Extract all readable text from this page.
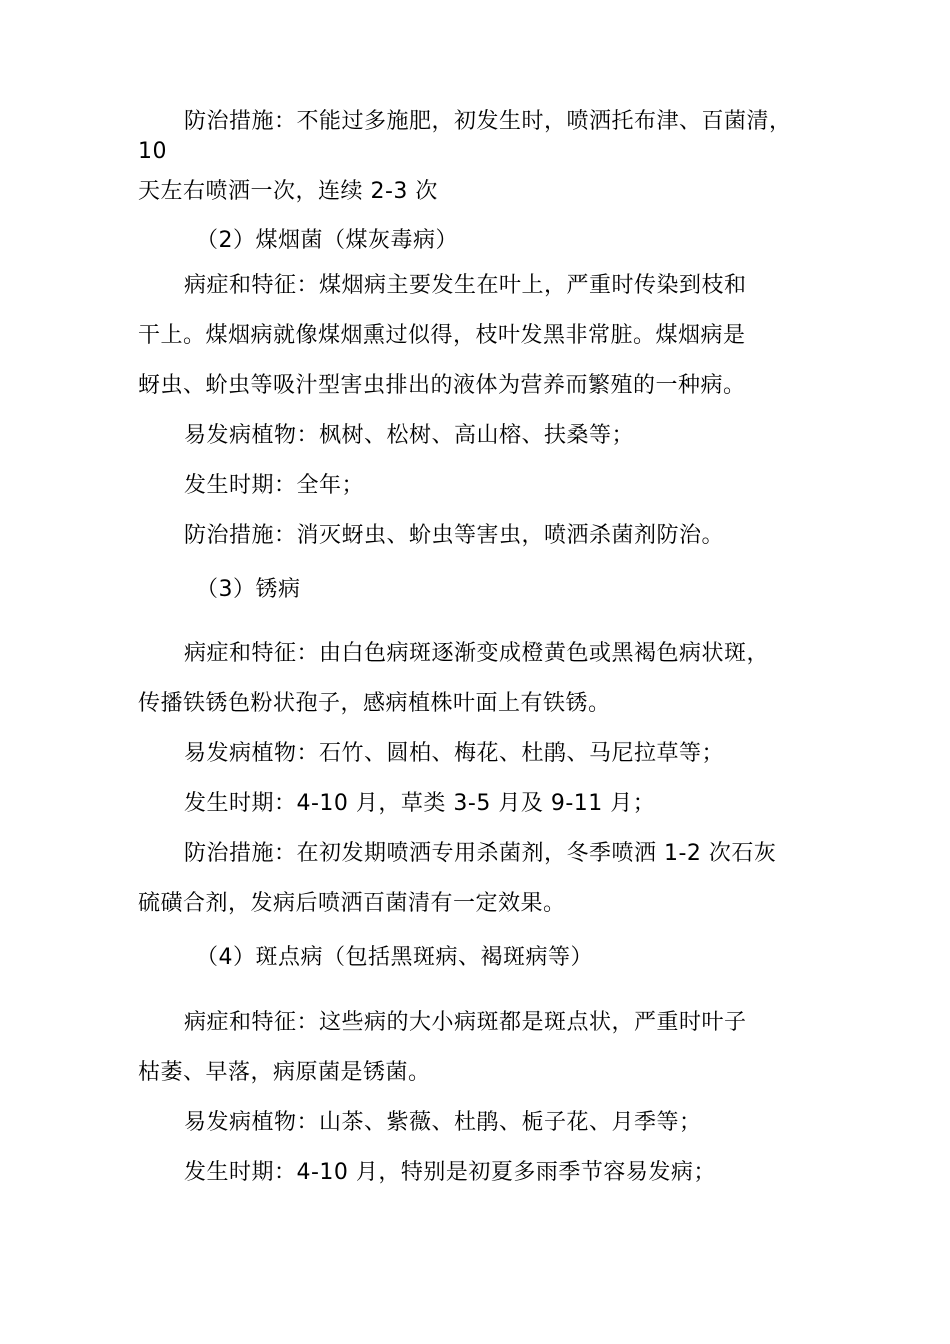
防治措施：不能过多施肥，初发生时，喷洒托布津、百菌清，
10
天左右喷洒一次，连续 2-3 次
（2）煤烟菌（煤灰毒病）
病症和特征：煤烟病主要发生在叶上，严重时传染到枝和
干上。煤烟病就像煤烟熏过似得，枝叶发黑非常脏。煤烟病是
蚜虫、蚧虫等吸汁型害虫排出的液体为营养而繁殖的一种病。
易发病植物：枫树、松树、高山榕、扶桑等；
发生时期：全年；
防治措施：消灭蚜虫、蚧虫等害虫，喷洒杀菌剂防治。
（3）锈病
病症和特征：由白色病斑逐渐变成橙黄色或黑褐色病状斑，
传播铁锈色粉状孢子，感病植株叶面上有铁锈。
易发病植物：石竹、圆柏、梅花、杜鹃、马尼拉草等；
发生时期：4-10 月，草类 3-5 月及 9-11 月；
防治措施：在初发期喷洒专用杀菌剂，冬季喷洒 1-2 次石灰
硫磺合剂，发病后喷洒百菌清有一定效果。
（4）斑点病（包括黑斑病、褐斑病等）
病症和特征：这些病的大小病斑都是斑点状，严重时叶子
枯萎、早落，病原菌是锈菌。
易发病植物：山茶、紫薇、杜鹃、栀子花、月季等；
发生时期：4-10 月，特别是初夏多雨季节容易发病；
